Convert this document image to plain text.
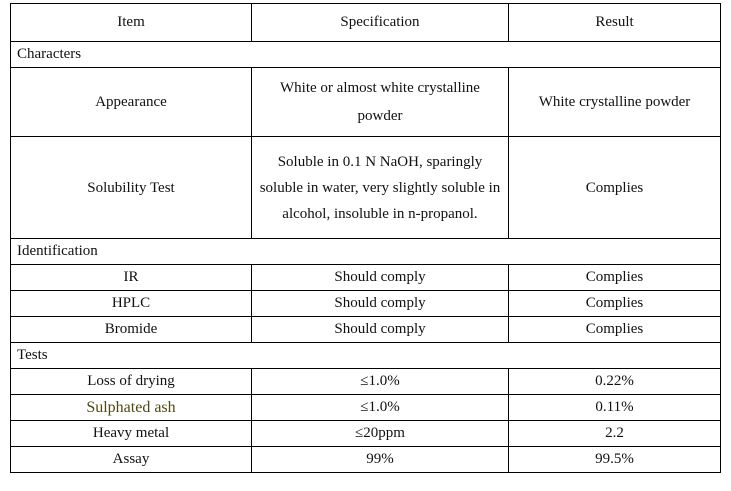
Item	Specification	Result
Characters		
Appearance	White or almost white crystalline powder	White crystalline powder
Solubility Test	Soluble in 0.1 N NaOH, sparingly soluble in water, very slightly soluble in alcohol, insoluble in n-propanol.	Complies
Identification		
IR	Should comply	Complies
HPLC	Should comply	Complies
Bromide	Should comply	Complies
Tests		
Loss of drying	≤1.0%	0.22%
Sulphated ash	≤1.0%	0.11%
Heavy metal	≤20ppm	2.2
Assay	99%	99.5%
